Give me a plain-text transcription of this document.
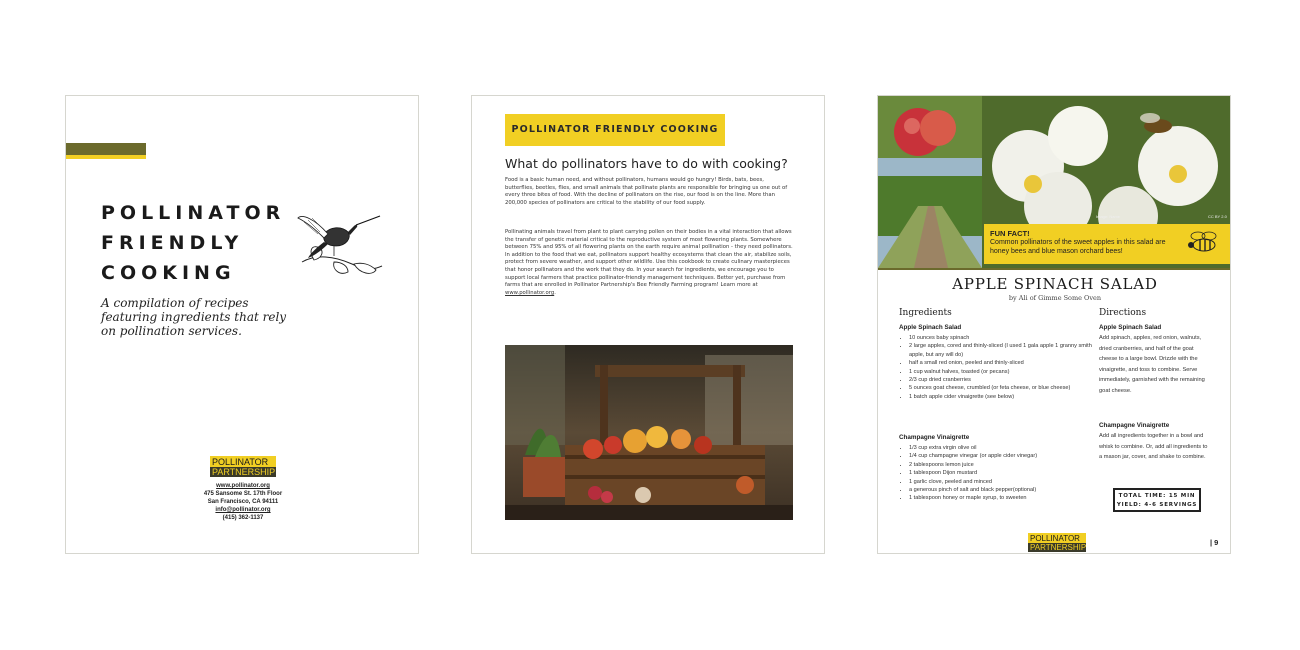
POLLINATOR
FRIENDLY
COOKING

A compilation of recipes featuring ingredients that rely on pollination services.

POLLINATOR
PARTNERSHIP
www.pollinator.org
475 Sansome St. 17th Floor
San Francisco, CA 94111
info@pollinator.org
(415) 362-1137
POLLINATOR FRIENDLY COOKING
What do pollinators have to do with cooking?

Food is a basic human need, and without pollinators, humans would go hungry! Birds, bats, bees, butterflies, beetles, flies, and small animals that pollinate plants are responsible for bringing us one out of every three bites of food. With the decline of pollinators on the rise, our food is on the line. More than 200,000 species of pollinators are critical to the stability of our food supply.

Pollinating animals travel from plant to plant carrying pollen on their bodies in a vital interaction that allows the transfer of genetic material critical to the reproductive system of most flowering plants. Somewhere between 75% and 95% of all flowering plants on the earth require animal pollination - they need pollinators. In addition to the food that we eat, pollinators support healthy ecosystems that clean the air, stabilize soils, protect from severe weather, and support other wildlife. Use this cookbook to create culinary masterpieces that honor pollinators and the work that they do. In your search for ingredients, we encourage you to support local farmers that practice pollinator-friendly management techniques. Better yet, purchase from farms that are enrolled in Pollinator Partnership's Bee Friendly Farming program! Learn more at www.pollinator.org.

Image: Name	CC BY 2.0
FUN FACT!
Common pollinators of the sweet apples in this salad are honey bees and blue mason orchard bees!
APPLE SPINACH SALAD
by Ali of Gimme Some Oven
Ingredients	Directions
Apple Spinach Salad
• 10 ounces baby spinach
• 2 large apples, cored and thinly-sliced (I used 1 gala apple 1 granny smith apple, but any will do)
• half a small red onion, peeled and thinly-sliced
• 1 cup walnut halves, toasted (or pecans)
• 2/3 cup dried cranberries
• 5 ounces goat cheese, crumbled (or feta cheese, or blue cheese)
• 1 batch apple cider vinaigrette (see below)
Champagne Vinaigrette
• 1/3 cup extra virgin olive oil
• 1/4 cup champagne vinegar (or apple cider vinegar)
• 2 tablespoons lemon juice
• 1 tablespoon Dijon mustard
• 1 garlic clove, peeled and minced
• a generous pinch of salt and black pepper(optional)
• 1 tablespoon honey or maple syrup, to sweeten
Apple Spinach Salad

Add spinach, apples, red onion, walnuts, dried cranberries, and half of the goat cheese to a large bowl. Drizzle with the vinaigrette, and toss to combine. Serve immediately, garnished with the remaining goat cheese.

Champagne Vinaigrette

Add all ingredients together in a bowl and whisk to combine. Or, add all ingredients to a mason jar, cover, and shake to combine.

TOTAL TIME: 15 MIN
YIELD: 4-6 SERVINGS
POLLINATOR
PARTNERSHIP
| 9
